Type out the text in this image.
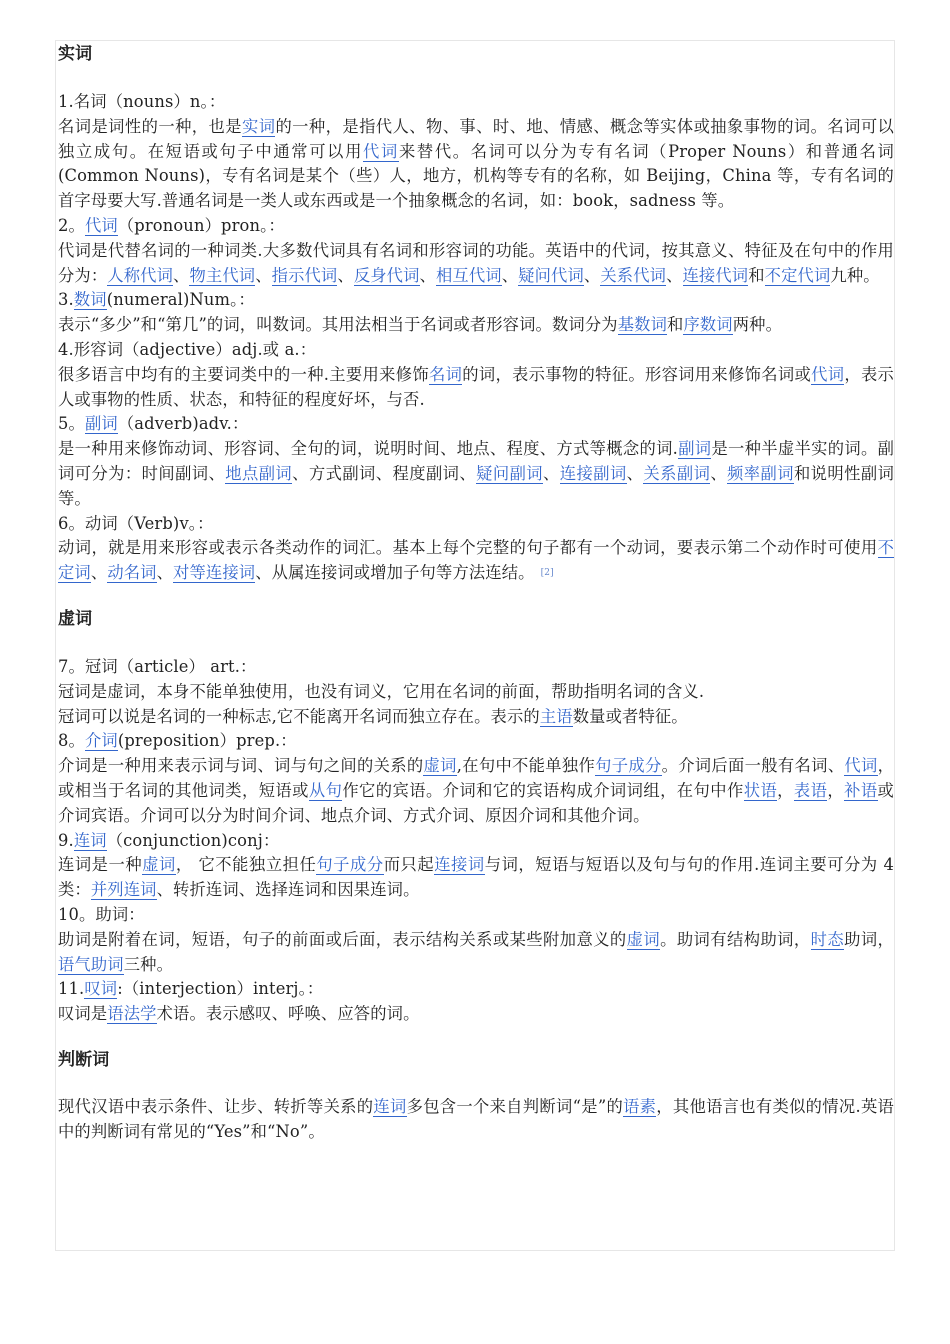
实词

1.名词（nouns）n。：

名词是词性的一种，也是实词的一种，是指代人、物、事、时、地、情感、概念等实体或抽象事物的词。名词可以独立成句。在短语或句子中通常可以用代词来替代。名词可以分为专有名词（Proper Nouns）和普通名词(Common Nouns)，专有名词是某个（些）人，地方，机构等专有的名称，如 Beijing，China 等，专有名词的首字母要大写.普通名词是一类人或东西或是一个抽象概念的名词，如：book，sadness 等。

2。代词（pronoun）pron。：

代词是代替名词的一种词类.大多数代词具有名词和形容词的功能。英语中的代词，按其意义、特征及在句中的作用分为：人称代词、物主代词、指示代词、反身代词、相互代词、疑问代词、关系代词、连接代词和不定代词九种。

3.数词(numeral)Num。：

表示“多少”和“第几”的词，叫数词。其用法相当于名词或者形容词。数词分为基数词和序数词两种。

4.形容词（adjective）adj.或 a.：

很多语言中均有的主要词类中的一种.主要用来修饰名词的词，表示事物的特征。形容词用来修饰名词或代词，表示人或事物的性质、状态，和特征的程度好坏，与否.

5。副词（adverb)adv.：

是一种用来修饰动词、形容词、全句的词，说明时间、地点、程度、方式等概念的词.副词是一种半虚半实的词。副词可分为：时间副词、地点副词、方式副词、程度副词、疑问副词、连接副词、关系副词、频率副词和说明性副词等。

6。动词（Verb)v。：

动词，就是用来形容或表示各类动作的词汇。基本上每个完整的句子都有一个动词，要表示第二个动作时可使用不定词、动名词、对等连接词、从属连接词或增加子句等方法连结。 [2]

虚词

7。冠词（article） art.：

冠词是虚词，本身不能单独使用，也没有词义，它用在名词的前面，帮助指明名词的含义.

冠词可以说是名词的一种标志,它不能离开名词而独立存在。表示的主语数量或者特征。

8。介词(preposition）prep.：

介词是一种用来表示词与词、词与句之间的关系的虚词,在句中不能单独作句子成分。介词后面一般有名词、代词，或相当于名词的其他词类，短语或从句作它的宾语。介词和它的宾语构成介词词组，在句中作状语，表语，补语或介词宾语。介词可以分为时间介词、地点介词、方式介词、原因介词和其他介词。

9.连词（conjunction)conj：

连词是一种虚词， 它不能独立担任句子成分而只起连接词与词，短语与短语以及句与句的作用.连词主要可分为 4 类：并列连词、转折连词、选择连词和因果连词。

10。助词：

助词是附着在词，短语，句子的前面或后面，表示结构关系或某些附加意义的虚词。助词有结构助词，时态助词，语气助词三种。

11.叹词:（interjection）interj。：

叹词是语法学术语。表示感叹、呼唤、应答的词。

判断词

现代汉语中表示条件、让步、转折等关系的连词多包含一个来自判断词“是”的语素，其他语言也有类似的情况.英语中的判断词有常见的“Yes”和“No”。
